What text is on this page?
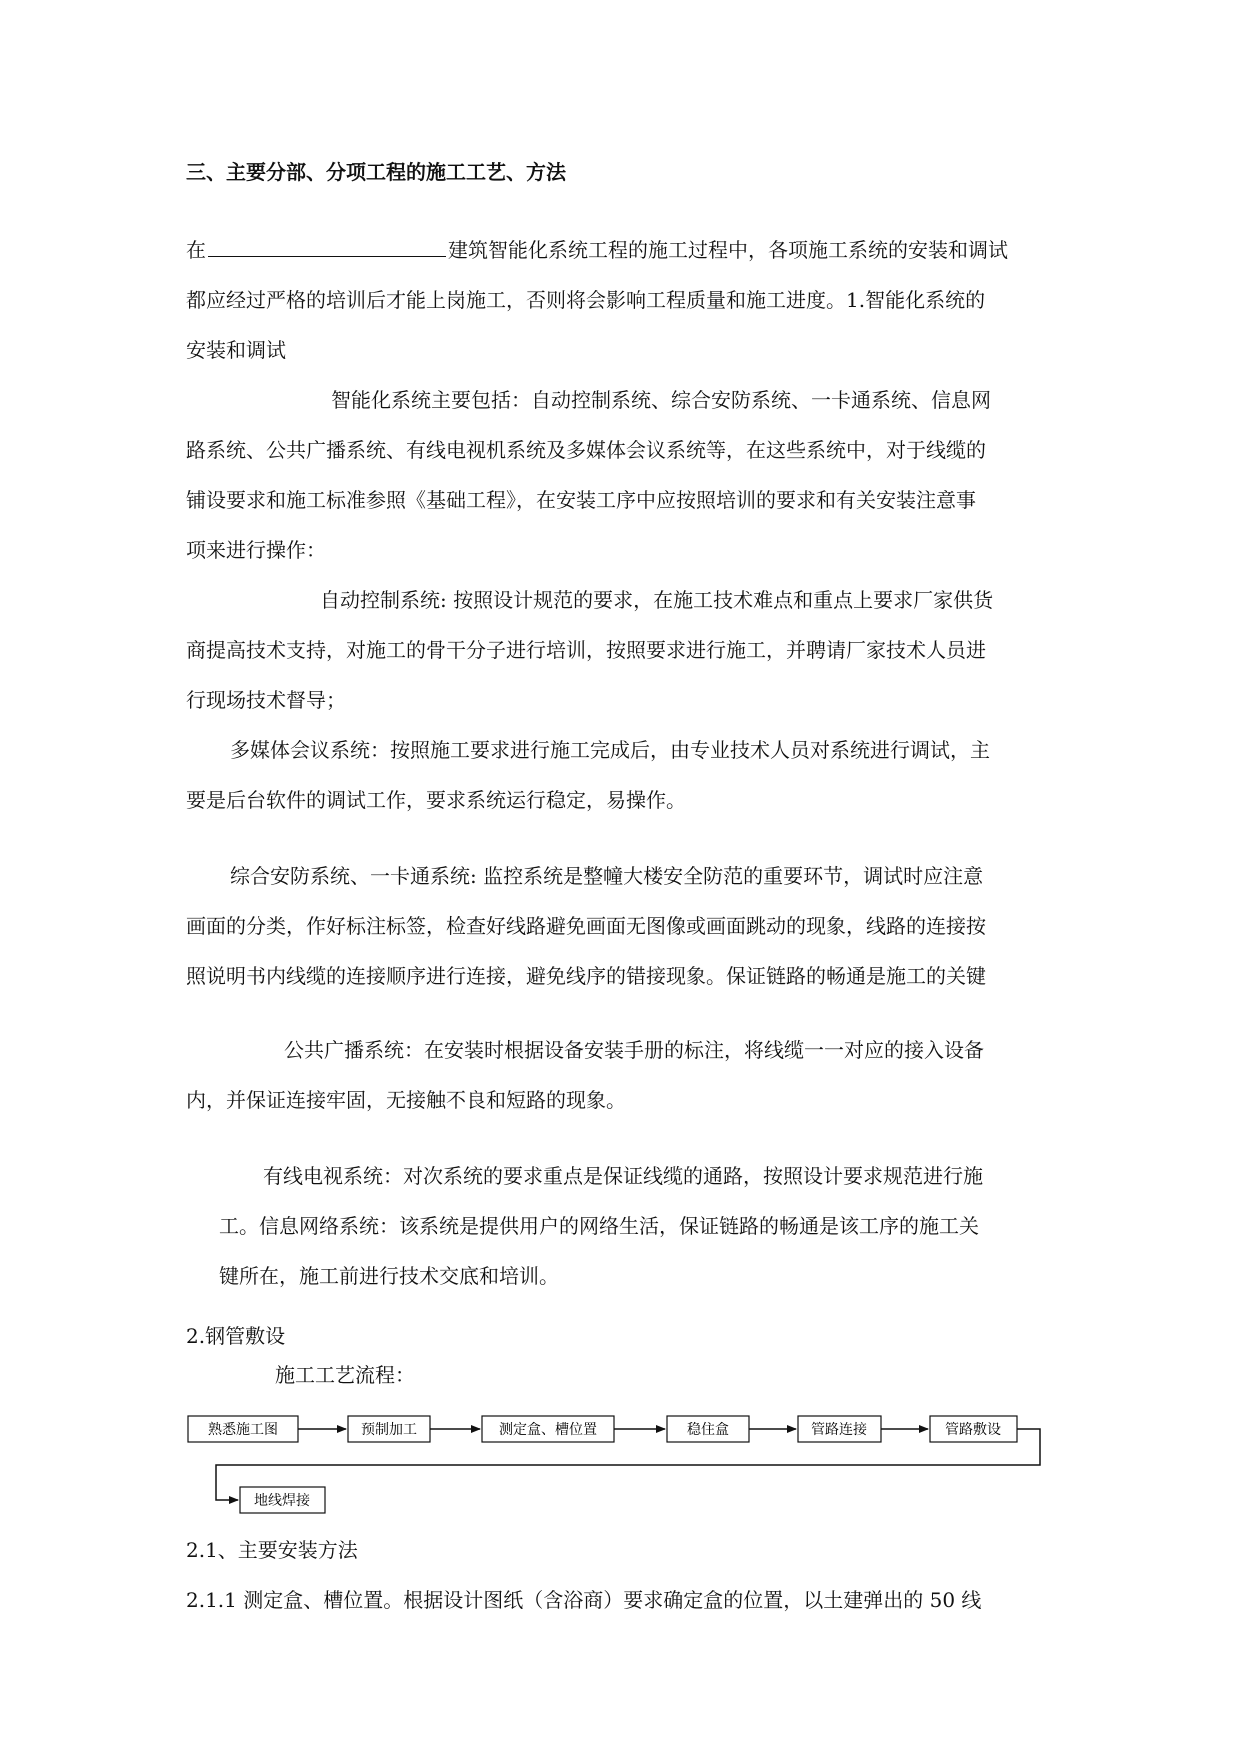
三、主要分部、分项工程的施工工艺、方法
在	建筑智能化系统工程的施工过程中，各项施工系统的安装和调试
都应经过严格的培训后才能上岗施工，否则将会影响工程质量和施工进度。1.智能化系统的
安装和调试
智能化系统主要包括：自动控制系统、综合安防系统、一卡通系统、信息网
路系统、公共广播系统、有线电视机系统及多媒体会议系统等，在这些系统中，对于线缆的
铺设要求和施工标准参照《基础工程》，在安装工序中应按照培训的要求和有关安装注意事
项来进行操作：
自动控制系统: 按照设计规范的要求，在施工技术难点和重点上要求厂家供货
商提高技术支持，对施工的骨干分子进行培训，按照要求进行施工，并聘请厂家技术人员进
行现场技术督导；
多媒体会议系统：按照施工要求进行施工完成后，由专业技术人员对系统进行调试，主
要是后台软件的调试工作，要求系统运行稳定，易操作。
综合安防系统、一卡通系统: 监控系统是整幢大楼安全防范的重要环节，调试时应注意
画面的分类，作好标注标签，检查好线路避免画面无图像或画面跳动的现象，线路的连接按
照说明书内线缆的连接顺序进行连接，避免线序的错接现象。保证链路的畅通是施工的关键
公共广播系统：在安装时根据设备安装手册的标注，将线缆一一对应的接入设备
内，并保证连接牢固，无接触不良和短路的现象。
有线电视系统：对次系统的要求重点是保证线缆的通路，按照设计要求规范进行施
工。信息网络系统：该系统是提供用户的网络生活，保证链路的畅通是该工序的施工关
键所在，施工前进行技术交底和培训。
2.钢管敷设
施工工艺流程：
熟悉施工图	预制加工	测定盒、槽位置	稳住盒	管路连接	管路敷设
地线焊接
2.1、主要安装方法
2.1.1 测定盒、槽位置。根据设计图纸（含浴商）要求确定盒的位置，以土建弹出的 50 线
